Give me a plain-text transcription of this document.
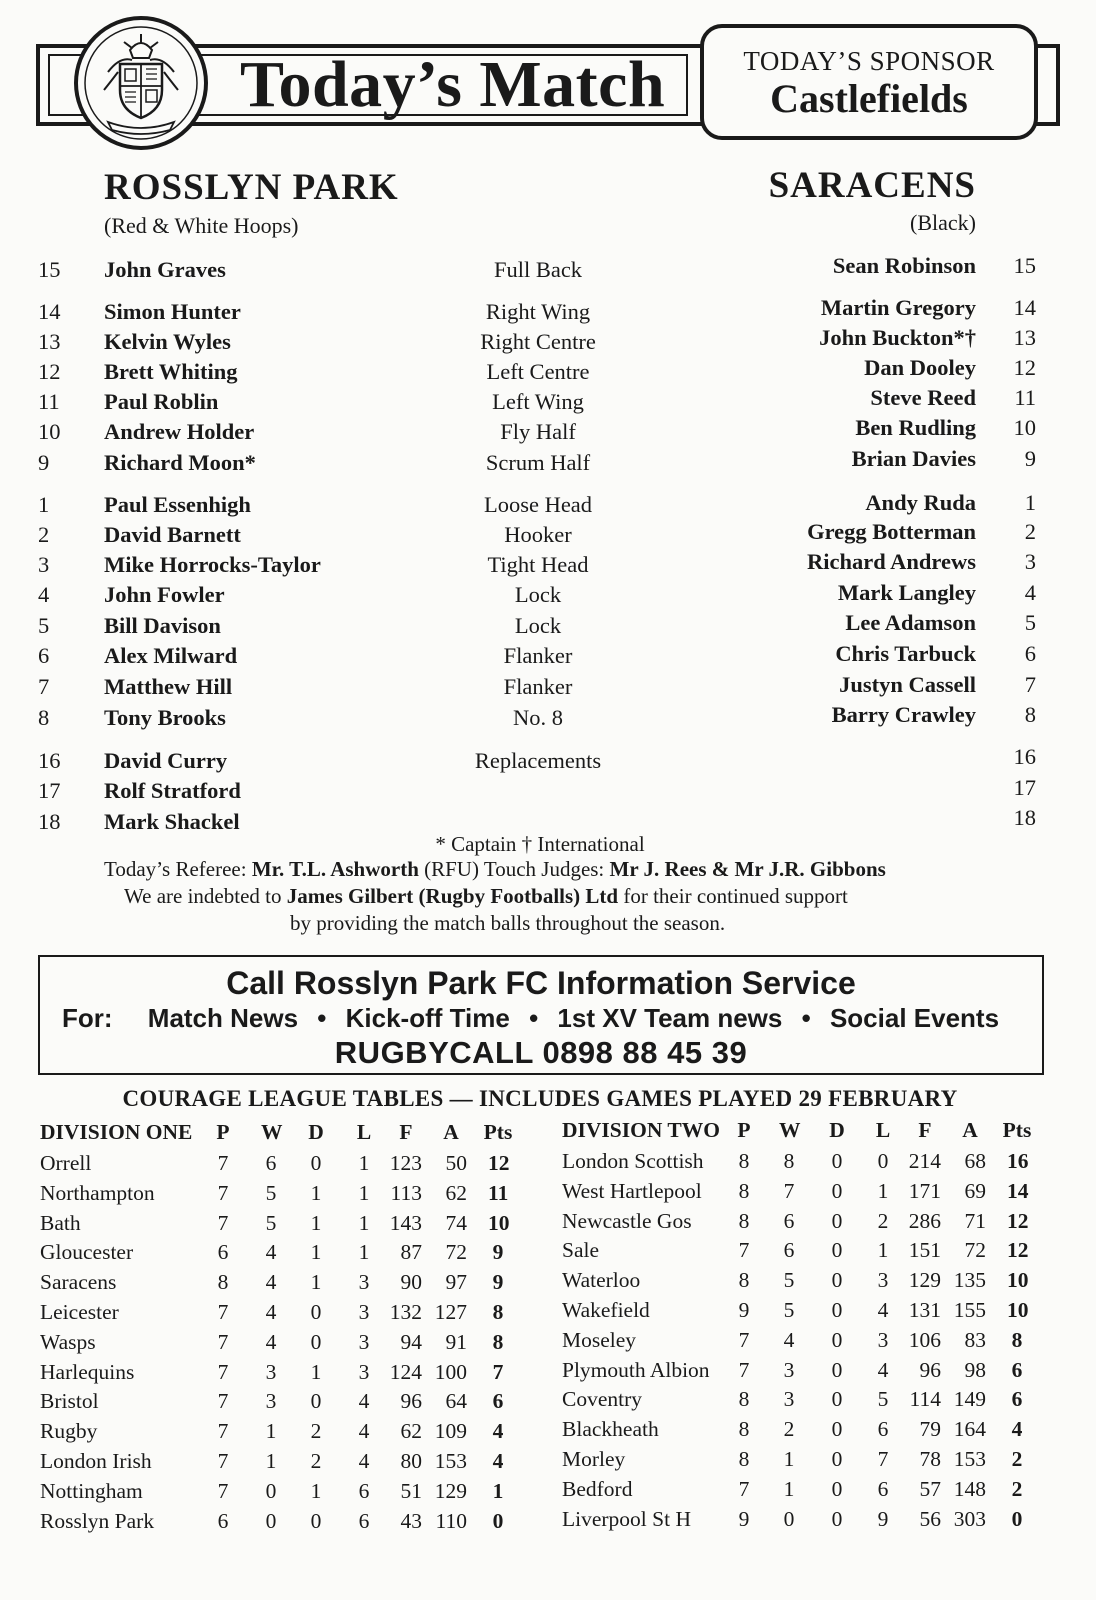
Today’s Match	TODAY’S SPONSOR
Castlefields
ROSSLYN PARK
(Red & White Hoops)
SARACENS
(Black)
15 John Graves	Full Back	Sean Robinson 15
14 Simon Hunter	Right Wing	Martin Gregory 14
13 Kelvin Wyles	Right Centre	John Buckton*† 13
12 Brett Whiting	Left Centre	Dan Dooley 12
11 Paul Roblin	Left Wing	Steve Reed 11
10 Andrew Holder	Fly Half	Ben Rudling 10
9 Richard Moon*	Scrum Half	Brian Davies 9
1 Paul Essenhigh	Loose Head	Andy Ruda 1
2 David Barnett	Hooker	Gregg Botterman 2
3 Mike Horrocks-Taylor	Tight Head	Richard Andrews 3
4 John Fowler	Lock	Mark Langley 4
5 Bill Davison	Lock	Lee Adamson 5
6 Alex Milward	Flanker	Chris Tarbuck 6
7 Matthew Hill	Flanker	Justyn Cassell 7
8 Tony Brooks	No. 8	Barry Crawley 8
16 David Curry	Replacements	16
17 Rolf Stratford	17
18 Mark Shackel	18
* Captain † International
Today’s Referee: Mr. T.L. Ashworth (RFU) Touch Judges: Mr J. Rees & Mr J.R. Gibbons
We are indebted to James Gilbert (Rugby Footballs) Ltd for their continued support
by providing the match balls throughout the season.
Call Rosslyn Park FC Information Service
For: Match News • Kick-off Time • 1st XV Team news • Social Events
RUGBYCALL 0898 88 45 39
COURAGE LEAGUE TABLES — INCLUDES GAMES PLAYED 29 FEBRUARY
DIVISION ONE P W D L	F	A	Pts
Orrell	7 6 0 1 123 50 12
Northampton	7 5 1 1 113 62 11
Bath	7 5 1 1 143 74 10
Gloucester	6 4 1 1 87 72 9
Saracens	8 4 1 3 90 97 9
Leicester	7 4 0 3 132 127 8
Wasps	7 4 0 3 94 91 8
Harlequins	7 3 1 3 124 100 7
Bristol	7 3 0 4 96 64 6
Rugby	7 1 2 4 62 109 4
London Irish	7 1 2 4 80 153 4
Nottingham	7 0 1 6 51 129 1
Rosslyn Park	6 0 0 6 43 110 0
DIVISION TWO P W D L	F	A	Pts
London Scottish 8 8 0 0 214 68 16
West Hartlepool 8 7 0 1 171 69 14
Newcastle Gos 8 6 0 2 286 71 12
Sale	7 6 0 1 151 72 12
Waterloo	8 5 0 3 129 135 10
Wakefield	9 5 0 4 131 155 10
Moseley	7 4 0 3 106 83 8
Plymouth Albion 7 3 0 4 96 98 6
Coventry	8 3 0 5 114 149 6
Blackheath	8 2 0 6 79 164 4
Morley	8 1 0 7 78 153 2
Bedford	7 1 0 6 57 148 2
Liverpool St H 9 0 0 9 56 303 0
